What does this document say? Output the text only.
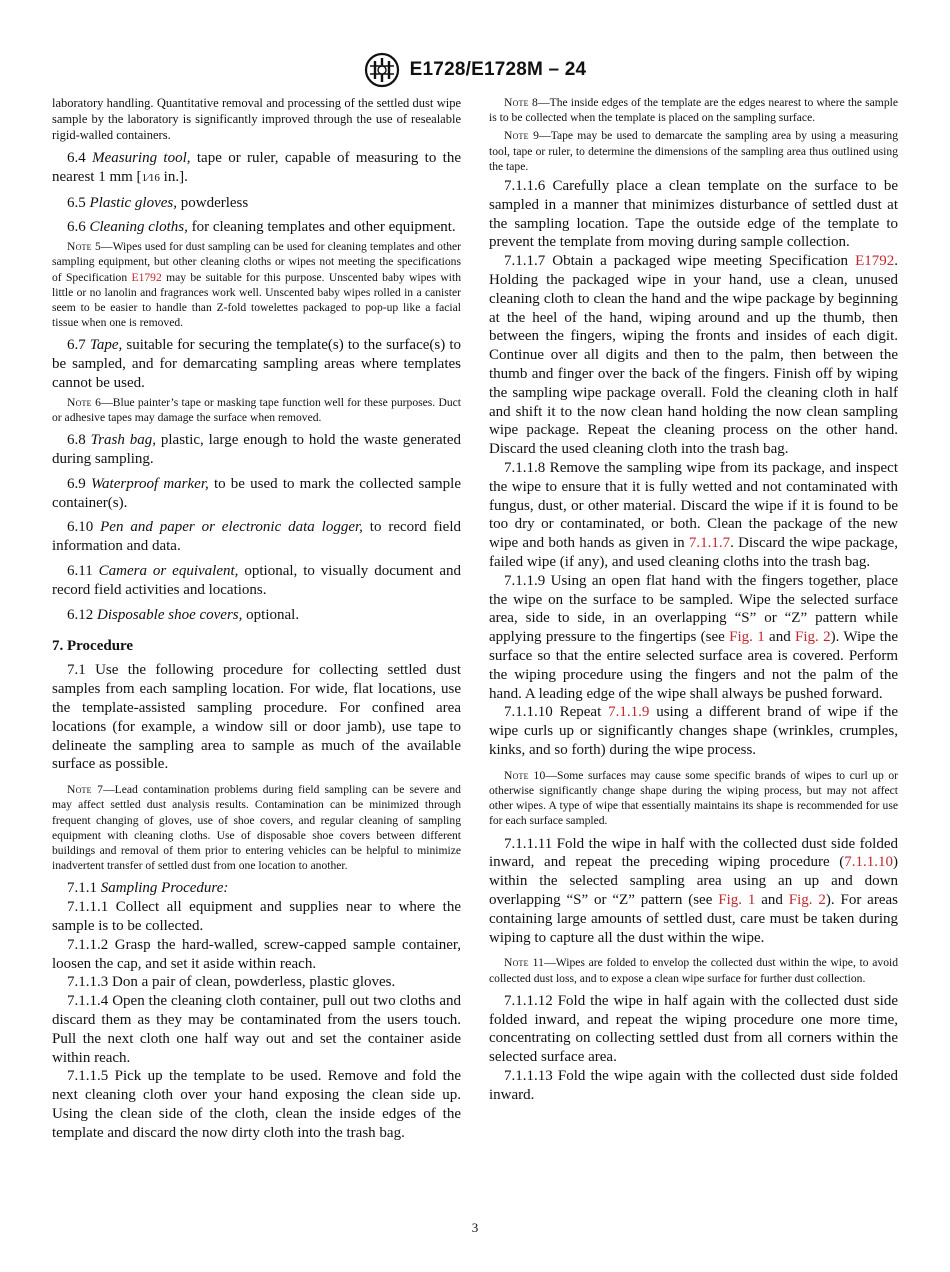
E1728/E1728M – 24

laboratory handling. Quantitative removal and processing of the settled dust wipe sample by the laboratory is significantly improved through the use of resealable rigid-walled containers.

6.4 Measuring tool, tape or ruler, capable of measuring to the nearest 1 mm [1⁄16 in.].

6.5 Plastic gloves, powderless

6.6 Cleaning cloths, for cleaning templates and other equipment.

Note 5—Wipes used for dust sampling can be used for cleaning templates and other sampling equipment, but other cleaning cloths or wipes not meeting the specifications of Specification E1792 may be suitable for this purpose. Unscented baby wipes with little or no lanolin and fragrances work well. Unscented baby wipes rolled in a canister seem to be easier to handle than Z-fold towelettes packaged to pop-up like a facial tissue when one is removed.

6.7 Tape, suitable for securing the template(s) to the surface(s) to be sampled, and for demarcating sampling areas where templates cannot be used.

Note 6—Blue painter’s tape or masking tape function well for these purposes. Duct or adhesive tapes may damage the surface when removed.

6.8 Trash bag, plastic, large enough to hold the waste generated during sampling.

6.9 Waterproof marker, to be used to mark the collected sample container(s).

6.10 Pen and paper or electronic data logger, to record field information and data.

6.11 Camera or equivalent, optional, to visually document and record field activities and locations.

6.12 Disposable shoe covers, optional.

7. Procedure

7.1 Use the following procedure for collecting settled dust samples from each sampling location. For wide, flat locations, use the template-assisted sampling procedure. For confined area locations (for example, a window sill or door jamb), use tape to delineate the sampling area to sample as much of the available surface as possible.

Note 7—Lead contamination problems during field sampling can be severe and may affect settled dust analysis results. Contamination can be minimized through frequent changing of gloves, use of shoe covers, and regular cleaning of sampling equipment with cleaning cloths. Use of disposable shoe covers between different buildings and removal of them prior to entering vehicles can be helpful to minimize inadvertent transfer of settled dust from one location to another.

7.1.1 Sampling Procedure:

7.1.1.1 Collect all equipment and supplies near to where the sample is to be collected.

7.1.1.2 Grasp the hard-walled, screw-capped sample container, loosen the cap, and set it aside within reach.

7.1.1.3 Don a pair of clean, powderless, plastic gloves.

7.1.1.4 Open the cleaning cloth container, pull out two cloths and discard them as they may be contaminated from the users touch. Pull the next cloth one half way out and set the container aside within reach.

7.1.1.5 Pick up the template to be used. Remove and fold the next cleaning cloth over your hand exposing the clean side up. Using the clean side of the cloth, clean the inside edges of the template and discard the now dirty cloth into the trash bag.

Note 8—The inside edges of the template are the edges nearest to where the sample is to be collected when the template is placed on the sampling surface.

Note 9—Tape may be used to demarcate the sampling area by using a measuring tool, tape or ruler, to determine the dimensions of the sampling area thus outlined using the tape.

7.1.1.6 Carefully place a clean template on the surface to be sampled in a manner that minimizes disturbance of settled dust at the sampling location. Tape the outside edge of the template to prevent the template from moving during sample collection.

7.1.1.7 Obtain a packaged wipe meeting Specification E1792. Holding the packaged wipe in your hand, use a clean, unused cleaning cloth to clean the hand and the wipe package by beginning at the heel of the hand, wiping around and up the thumb, then between the fingers, wiping the fronts and insides of each digit. Continue over all digits and then to the palm, then between the thumb and finger over the back of the fingers. Finish off by wiping the sampling wipe package overall. Fold the cleaning cloth in half and shift it to the now clean hand holding the now clean sampling wipe package. Repeat the cleaning process on the other hand. Discard the used cleaning cloth into the trash bag.

7.1.1.8 Remove the sampling wipe from its package, and inspect the wipe to ensure that it is fully wetted and not contaminated with fungus, dust, or other material. Discard the wipe if it is found to be too dry or contaminated, or both. Clean the package of the new wipe and both hands as given in 7.1.1.7. Discard the wipe package, failed wipe (if any), and used cleaning cloths into the trash bag.

7.1.1.9 Using an open flat hand with the fingers together, place the wipe on the surface to be sampled. Wipe the selected surface area, side to side, in an overlapping “S” or “Z” pattern while applying pressure to the fingertips (see Fig. 1 and Fig. 2). Wipe the surface so that the entire selected surface area is covered. Perform the wiping procedure using the fingers and not the palm of the hand. A leading edge of the wipe shall always be pushed forward.

7.1.1.10 Repeat 7.1.1.9 using a different brand of wipe if the wipe curls up or significantly changes shape (wrinkles, crumples, kinks, and so forth) during the wipe process.

Note 10—Some surfaces may cause some specific brands of wipes to curl up or otherwise significantly change shape during the wiping process, but may not affect other wipes. A type of wipe that essentially maintains its shape is recommended for use for each surface sampled.

7.1.1.11 Fold the wipe in half with the collected dust side folded inward, and repeat the preceding wiping procedure (7.1.1.10) within the selected sampling area using an up and down overlapping “S” or “Z” pattern (see Fig. 1 and Fig. 2). For areas containing large amounts of settled dust, care must be taken during wiping to capture all the dust within the wipe.

Note 11—Wipes are folded to envelop the collected dust within the wipe, to avoid collected dust loss, and to expose a clean wipe surface for further dust collection.

7.1.1.12 Fold the wipe in half again with the collected dust side folded inward, and repeat the wiping procedure one more time, concentrating on collecting settled dust from all corners within the selected surface area.

7.1.1.13 Fold the wipe again with the collected dust side folded inward.

3
